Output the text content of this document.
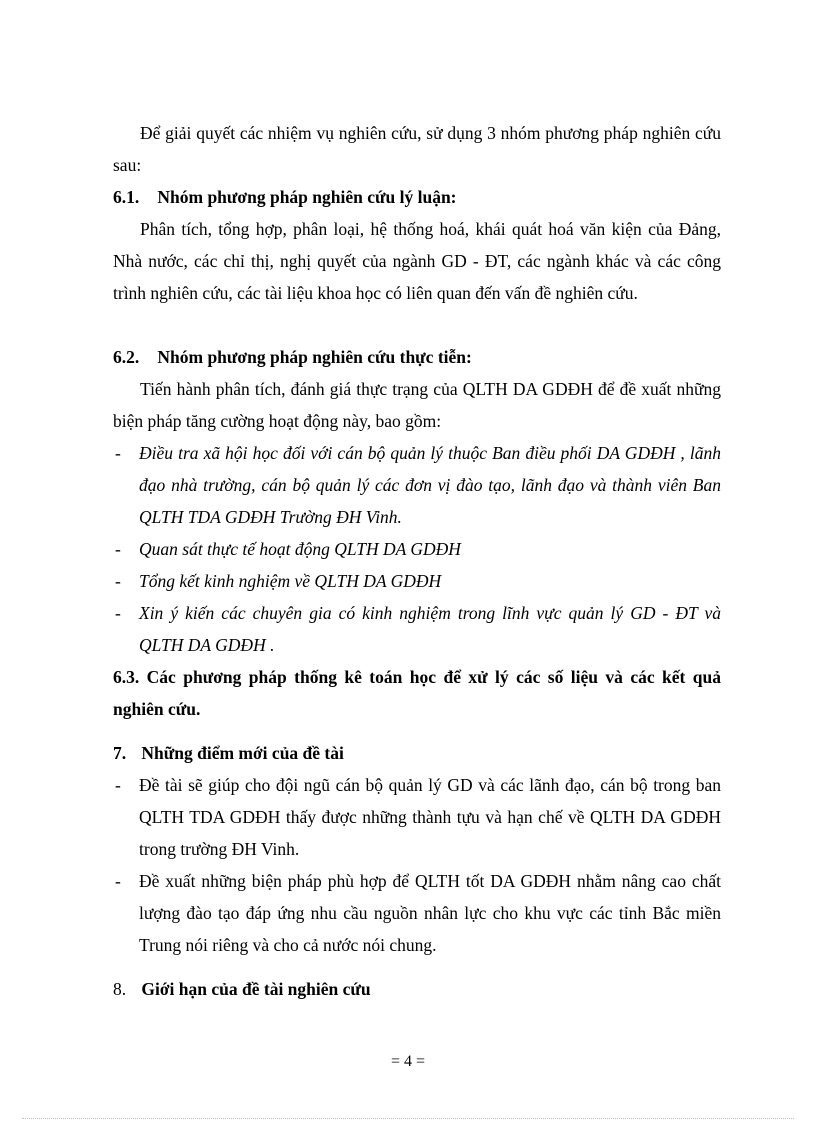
Để giải quyết các nhiệm vụ nghiên cứu, sử dụng 3 nhóm phương pháp nghiên cứu sau:
6.1. Nhóm phương pháp nghiên cứu lý luận:
Phân tích, tổng hợp, phân loại, hệ thống hoá, khái quát hoá văn kiện của Đảng, Nhà nước, các chỉ thị, nghị quyết của ngành GD - ĐT, các ngành khác và các công trình nghiên cứu, các tài liệu khoa học có liên quan đến vấn đề nghiên cứu.
6.2. Nhóm phương pháp nghiên cứu thực tiễn:
Tiến hành phân tích, đánh giá thực trạng của QLTH DA GDĐH để đề xuất những biện pháp tăng cường hoạt động này, bao gồm:
- Điều tra xã hội học đối với cán bộ quản lý thuộc Ban điều phối DA GDĐH , lãnh đạo nhà trường, cán bộ quản lý các đơn vị đào tạo, lãnh đạo và thành viên Ban QLTH TDA GDĐH Trường ĐH Vinh.
- Quan sát thực tế hoạt động QLTH DA GDĐH
- Tổng kết kinh nghiệm về QLTH DA GDĐH
- Xin ý kiến các chuyên gia có kinh nghiệm trong lĩnh vực quản lý GD - ĐT và QLTH DA GDĐH .
6.3. Các phương pháp thống kê toán học để xử lý các số liệu và các kết quả nghiên cứu.
7. Những điểm mới của đề tài
- Đề tài sẽ giúp cho đội ngũ cán bộ quản lý GD và các lãnh đạo, cán bộ trong ban QLTH TDA GDĐH thấy được những thành tựu và hạn chế về QLTH DA GDĐH trong trường ĐH Vinh.
- Đề xuất những biện pháp phù hợp để QLTH tốt DA GDĐH nhằm nâng cao chất lượng đào tạo đáp ứng nhu cầu nguồn nhân lực cho khu vực các tỉnh Bắc miền Trung nói riêng và cho cả nước nói chung.
8. Giới hạn của đề tài nghiên cứu
= 4 =
